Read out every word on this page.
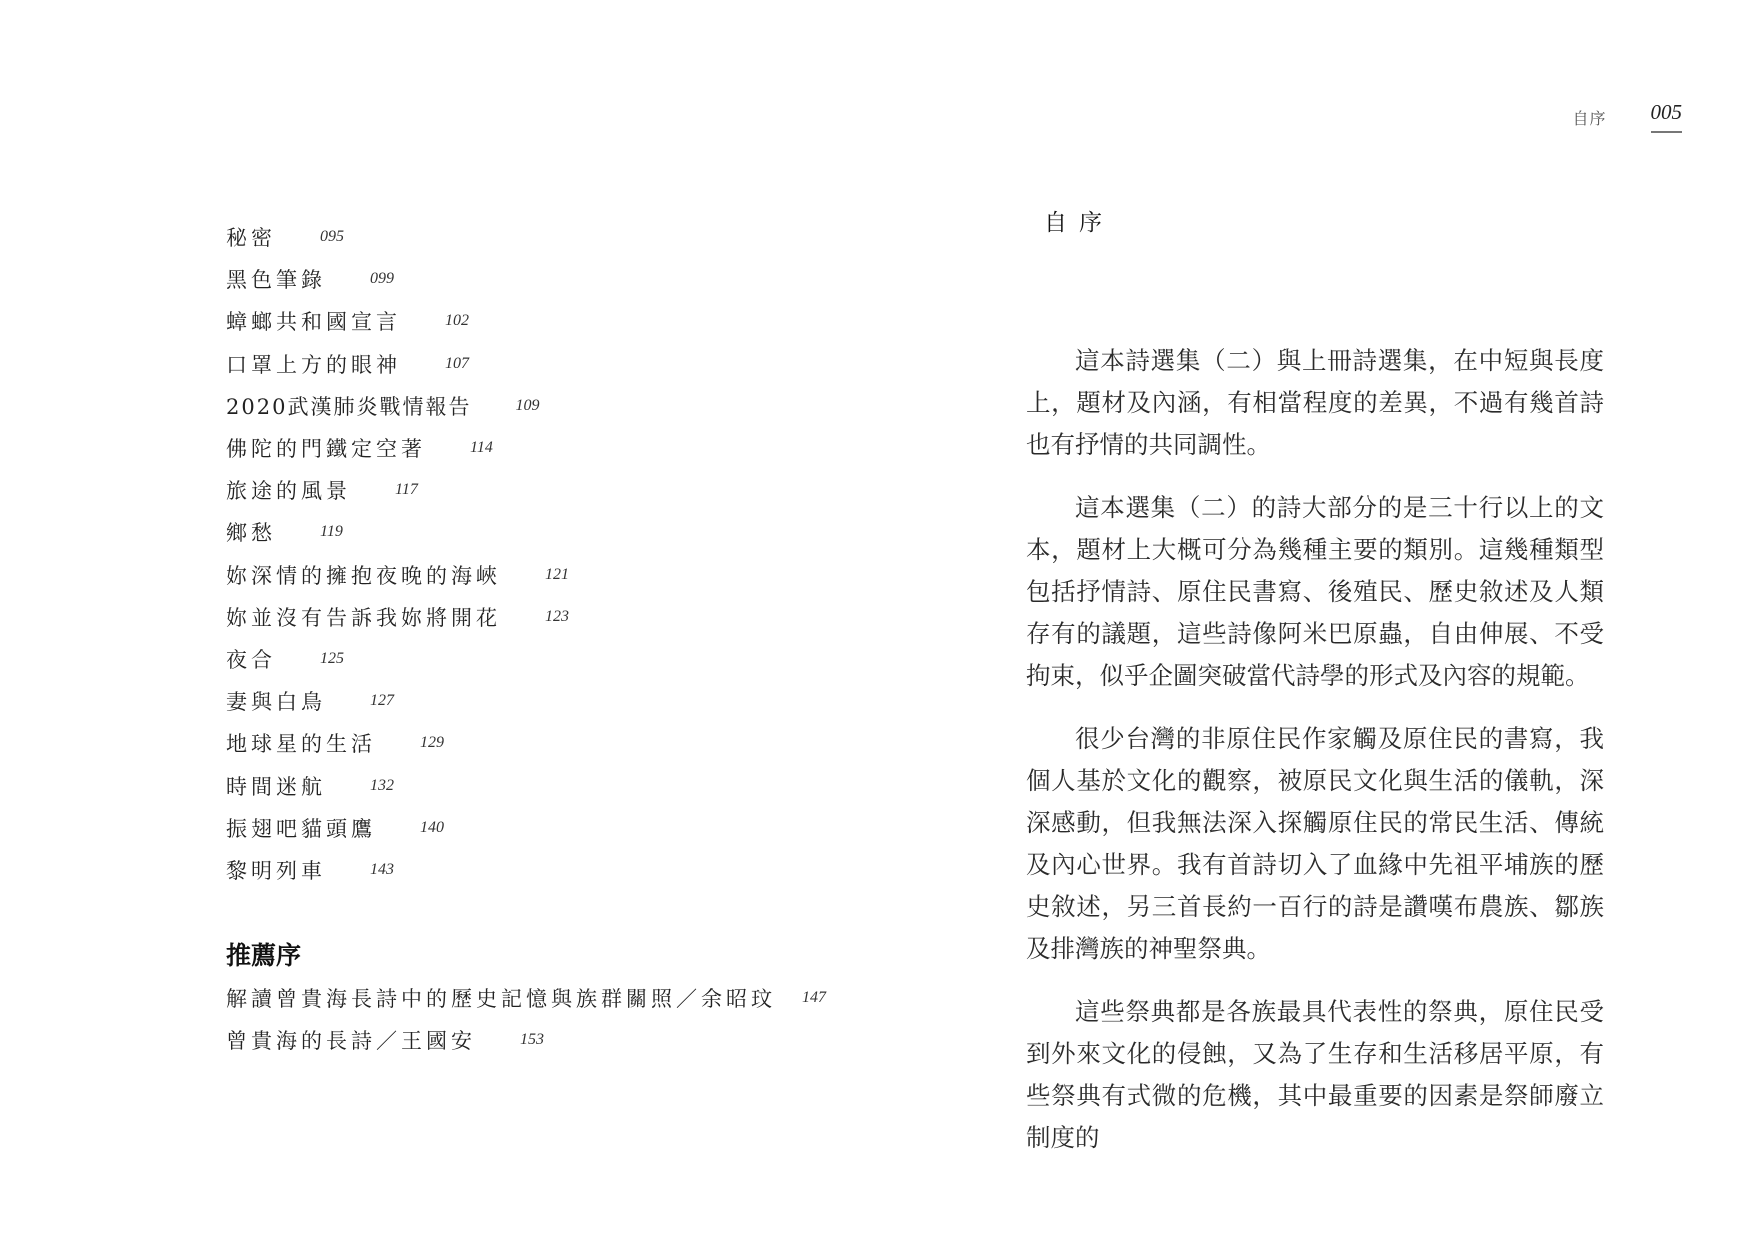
秘密	095
黑色筆錄	099
蟑螂共和國宣言	102
口罩上方的眼神	107
2020武漢肺炎戰情報告	109
佛陀的門鐵定空著	114
旅途的風景	117
鄉愁	119
妳深情的擁抱夜晚的海峽	121
妳並沒有告訴我妳將開花	123
夜合	125
妻與白鳥	127
地球星的生活	129
時間迷航	132
振翅吧貓頭鷹	140
黎明列車	143
推薦序
解讀曾貴海長詩中的歷史記憶與族群關照／余昭玟 147
曾貴海的長詩／王國安	153
自序 005
自序

這本詩選集（二）與上冊詩選集，在中短與長度上，題材及內涵，有相當程度的差異，不過有幾首詩也有抒情的共同調性。

這本選集（二）的詩大部分的是三十行以上的文本，題材上大概可分為幾種主要的類別。這幾種類型包括抒情詩、原住民書寫、後殖民、歷史敘述及人類存有的議題，這些詩像阿米巴原蟲，自由伸展、不受拘束，似乎企圖突破當代詩學的形式及內容的規範。

很少台灣的非原住民作家觸及原住民的書寫，我個人基於文化的觀察，被原民文化與生活的儀軌，深深感動，但我無法深入探觸原住民的常民生活、傳統及內心世界。我有首詩切入了血緣中先祖平埔族的歷史敘述，另三首長約一百行的詩是讚嘆布農族、鄒族及排灣族的神聖祭典。

這些祭典都是各族最具代表性的祭典，原住民受到外來文化的侵蝕，又為了生存和生活移居平原，有些祭典有式微的危機，其中最重要的因素是祭師廢立制度的
